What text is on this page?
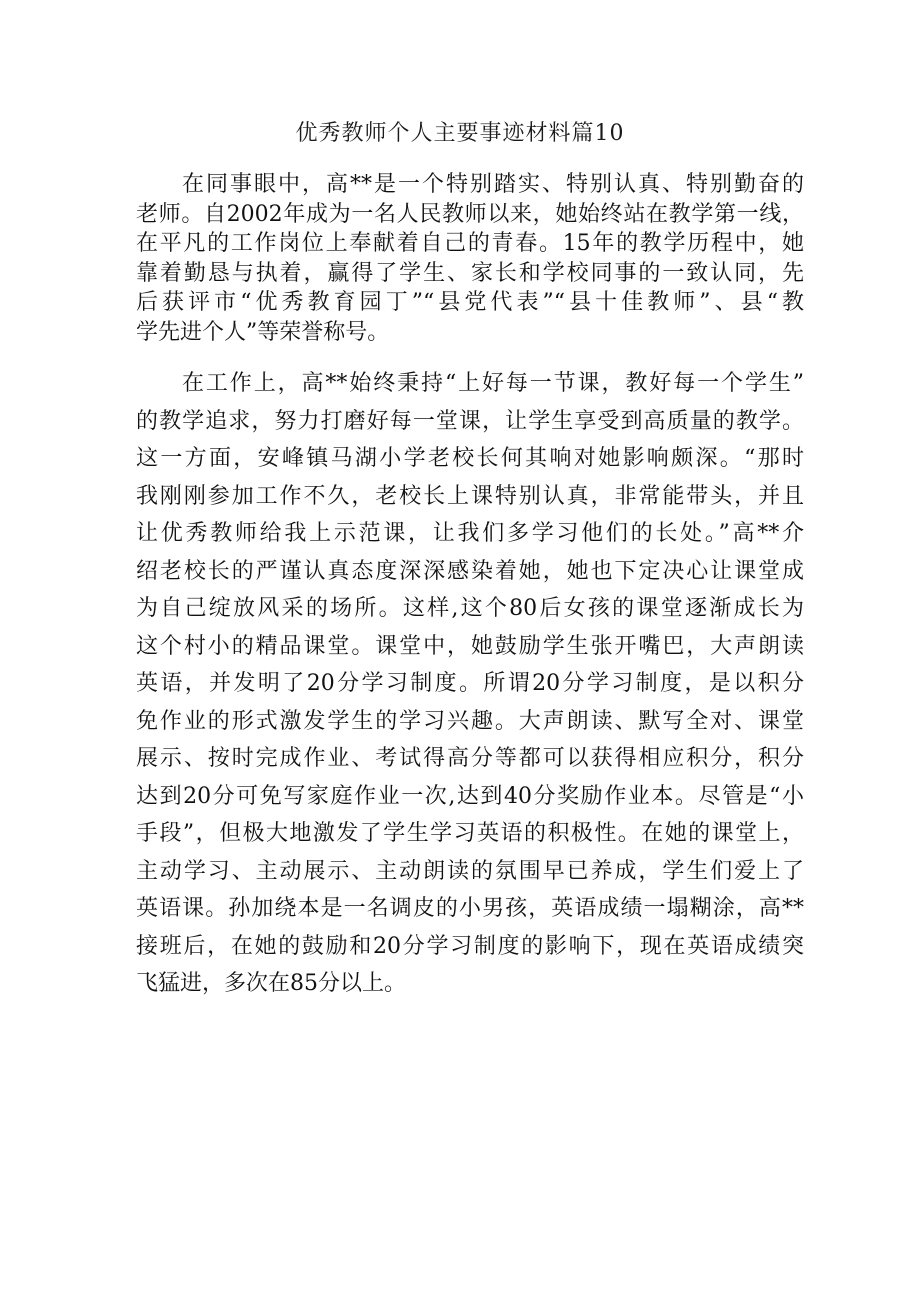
优秀教师个人主要事迹材料篇10
在同事眼中，高**是一个特别踏实、特别认真、特别勤奋的
老师。自2002年成为一名人民教师以来，她始终站在教学第一线，
在平凡的工作岗位上奉献着自己的青春。15年的教学历程中，她
靠着勤恳与执着，赢得了学生、家长和学校同事的一致认同，先
后获评市“优秀教育园丁”“县党代表”“县十佳教师”、县“教
学先进个人”等荣誉称号。
在工作上，高**始终秉持“上好每一节课，教好每一个学生”
的教学追求，努力打磨好每一堂课，让学生享受到高质量的教学。
这一方面，安峰镇马湖小学老校长何其响对她影响颇深。“那时
我刚刚参加工作不久，老校长上课特别认真，非常能带头，并且
让优秀教师给我上示范课，让我们多学习他们的长处。”高**介
绍老校长的严谨认真态度深深感染着她，她也下定决心让课堂成
为自己绽放风采的场所。这样,这个80后女孩的课堂逐渐成长为
这个村小的精品课堂。课堂中，她鼓励学生张开嘴巴，大声朗读
英语，并发明了20分学习制度。所谓20分学习制度，是以积分
免作业的形式激发学生的学习兴趣。大声朗读、默写全对、课堂
展示、按时完成作业、考试得高分等都可以获得相应积分，积分
达到20分可免写家庭作业一次,达到40分奖励作业本。尽管是“小
手段”，但极大地激发了学生学习英语的积极性。在她的课堂上，
主动学习、主动展示、主动朗读的氛围早已养成，学生们爱上了
英语课。孙加绕本是一名调皮的小男孩，英语成绩一塌糊涂，高**
接班后，在她的鼓励和20分学习制度的影响下，现在英语成绩突
飞猛进，多次在85分以上。
